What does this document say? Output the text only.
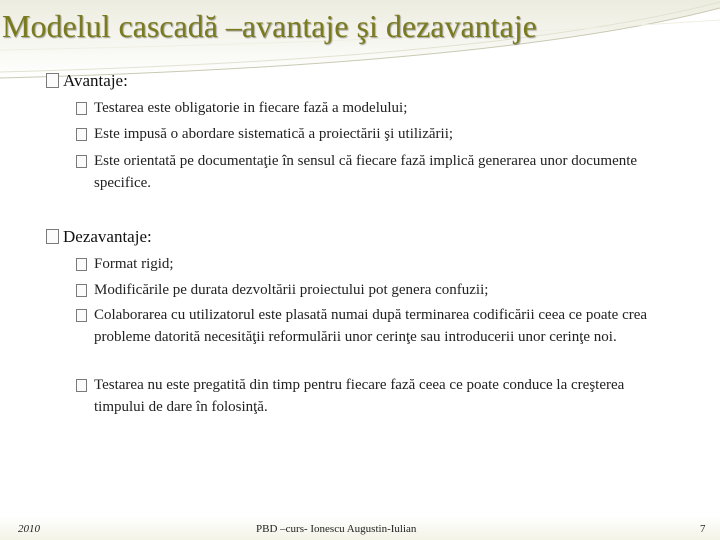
Modelul cascadă –avantaje şi dezavantaje
Avantaje:
Testarea este obligatorie in fiecare fază a modelului;
Este impusă o abordare sistematică a proiectării şi utilizării;
Este orientată pe documentaţie în sensul că fiecare fază implică generarea unor documente specifice.
Dezavantaje:
Format rigid;
Modificările pe durata dezvoltării proiectului pot genera confuzii;
Colaborarea cu utilizatorul este plasată numai după terminarea codificării ceea ce poate crea probleme datorită necesităţii reformulării unor cerinţe sau introducerii unor cerinţe noi.
Testarea nu este pregatită din timp pentru fiecare fază ceea ce poate conduce la creşterea timpului de dare în folosinţă.
2010	PBD –curs- Ionescu Augustin-Iulian	7
